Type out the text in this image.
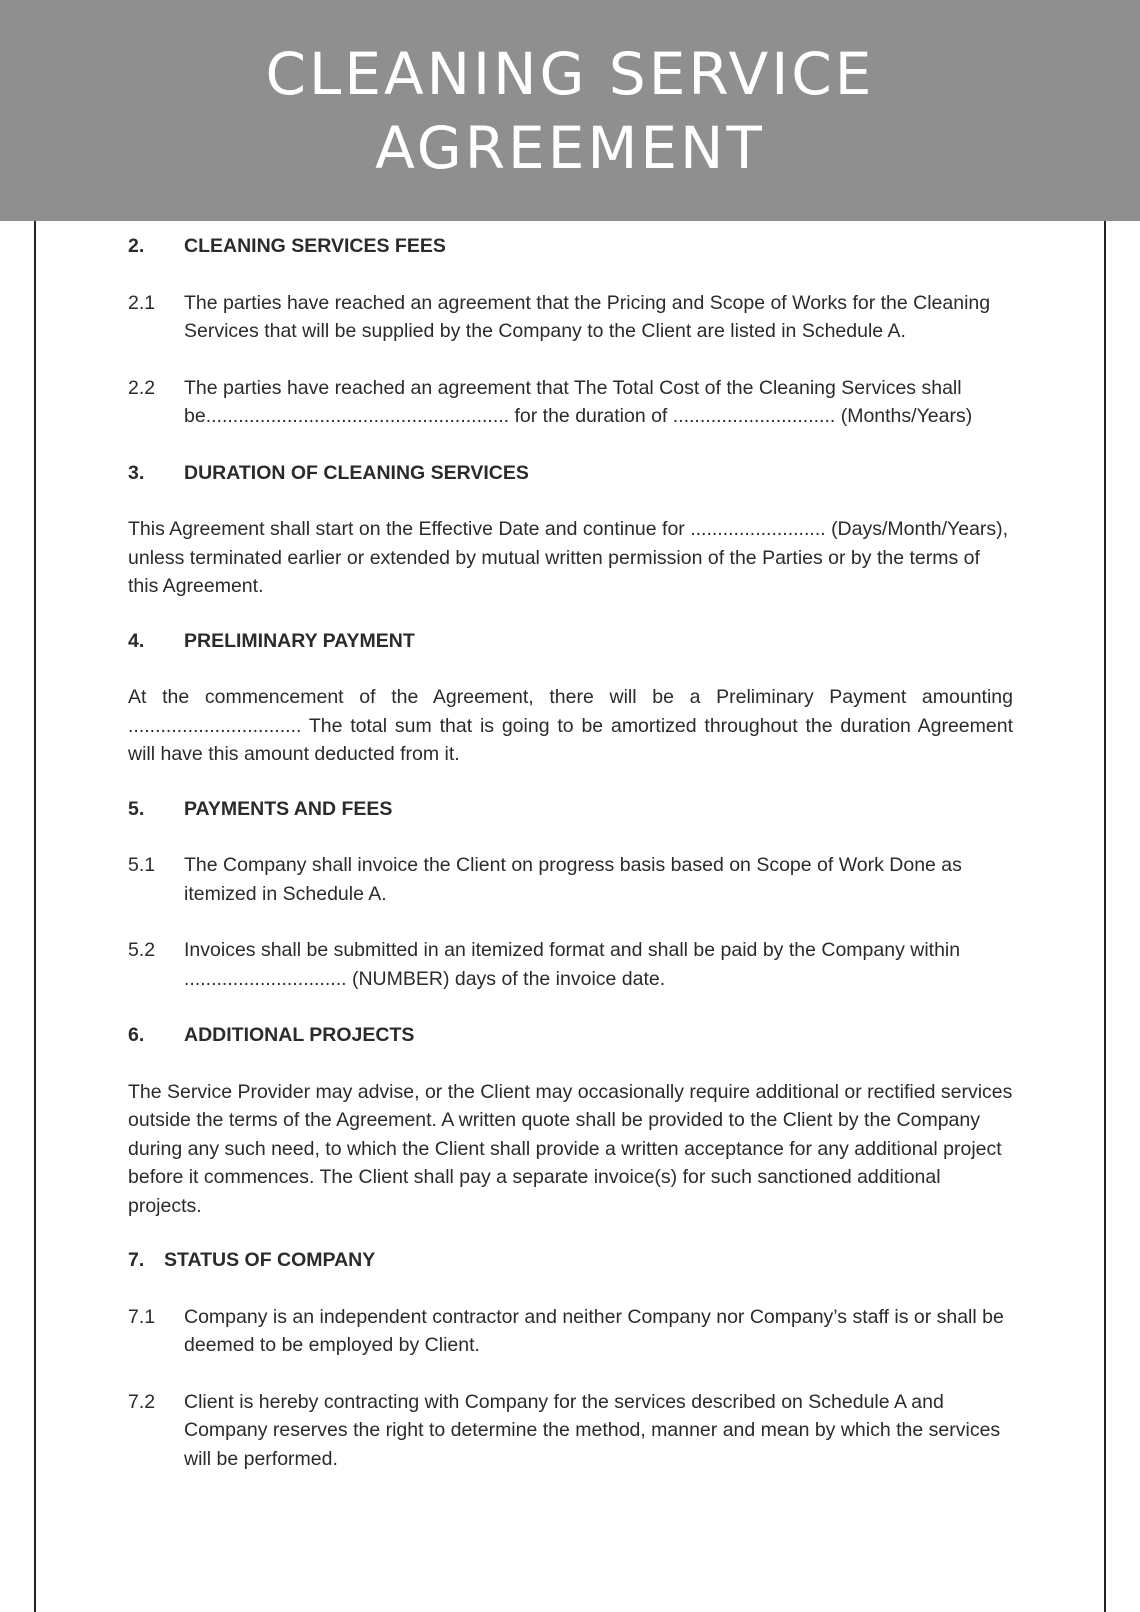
CLEANING SERVICE
AGREEMENT
2.	CLEANING SERVICES FEES
2.1	The parties have reached an agreement that the Pricing and Scope of Works for the Cleaning Services that will be supplied by the Company to the Client are listed in Schedule A.
2.2	The parties have reached an agreement that The Total Cost of the Cleaning Services shall be........................................................ for the duration of .............................. (Months/Years)
3.	DURATION OF CLEANING SERVICES

This Agreement shall start on the Effective Date and continue for ......................... (Days/Month/Years), unless terminated earlier or extended by mutual written permission of the Parties or by the terms of this Agreement.

4.	PRELIMINARY PAYMENT

At the commencement of the Agreement, there will be a Preliminary Payment amounting ................................ The total sum that is going to be amortized throughout the duration Agreement will have this amount deducted from it.

5.	PAYMENTS AND FEES
5.1	The Company shall invoice the Client on progress basis based on Scope of Work Done as itemized in Schedule A.
5.2	Invoices shall be submitted in an itemized format and shall be paid by the Company within .............................. (NUMBER) days of the invoice date.
6.	ADDITIONAL PROJECTS

The Service Provider may advise, or the Client may occasionally require additional or rectified services outside the terms of the Agreement. A written quote shall be provided to the Client by the Company during any such need, to which the Client shall provide a written acceptance for any additional project before it commences. The Client shall pay a separate invoice(s) for such sanctioned additional projects.

7.	STATUS OF COMPANY
7.1	Company is an independent contractor and neither Company nor Company’s staff is or shall be deemed to be employed by Client.
7.2	Client is hereby contracting with Company for the services described on Schedule A and Company reserves the right to determine the method, manner and mean by which the services will be performed.
